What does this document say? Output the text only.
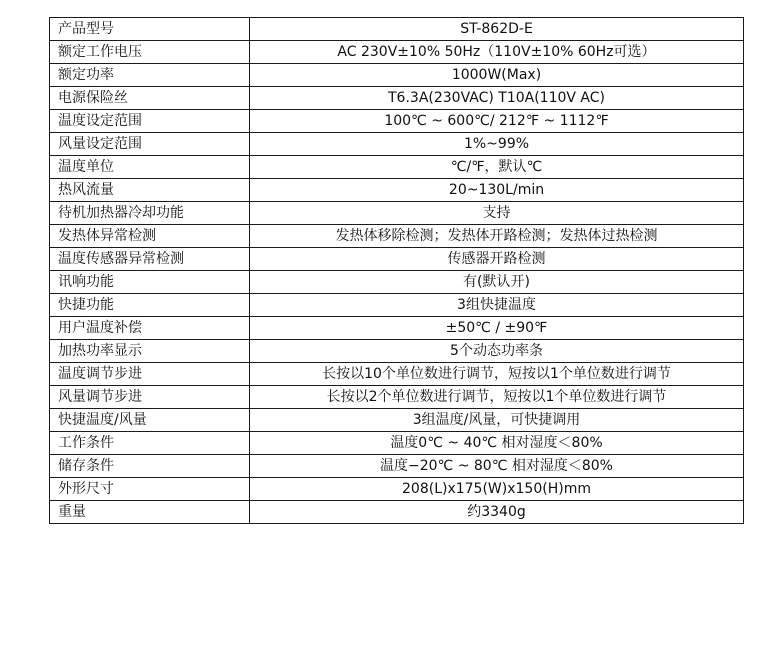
产品型号	ST-862D-E
额定工作电压	AC 230V±10% 50Hz（110V±10% 60Hz可选）
额定功率	1000W(Max)
电源保险丝	T6.3A(230VAC) T10A(110V AC)
温度设定范围	100℃ ~ 600℃/ 212℉ ~ 1112℉
风量设定范围	1%~99%
温度单位	℃/℉，默认℃
热风流量	20~130L/min
待机加热器冷却功能	支持
发热体异常检测	发热体移除检测；发热体开路检测；发热体过热检测
温度传感器异常检测	传感器开路检测
讯响功能	有(默认开)
快捷功能	3组快捷温度
用户温度补偿	±50℃ / ±90℉
加热功率显示	5个动态功率条
温度调节步进	长按以10个单位数进行调节，短按以1个单位数进行调节
风量调节步进	长按以2个单位数进行调节，短按以1个单位数进行调节
快捷温度/风量	3组温度/风量，可快捷调用
工作条件	温度0℃ ~ 40℃ 相对湿度＜80%
储存条件	温度−20℃ ~ 80℃ 相对湿度＜80%
外形尺寸	208(L)x175(W)x150(H)mm
重量	约3340g
